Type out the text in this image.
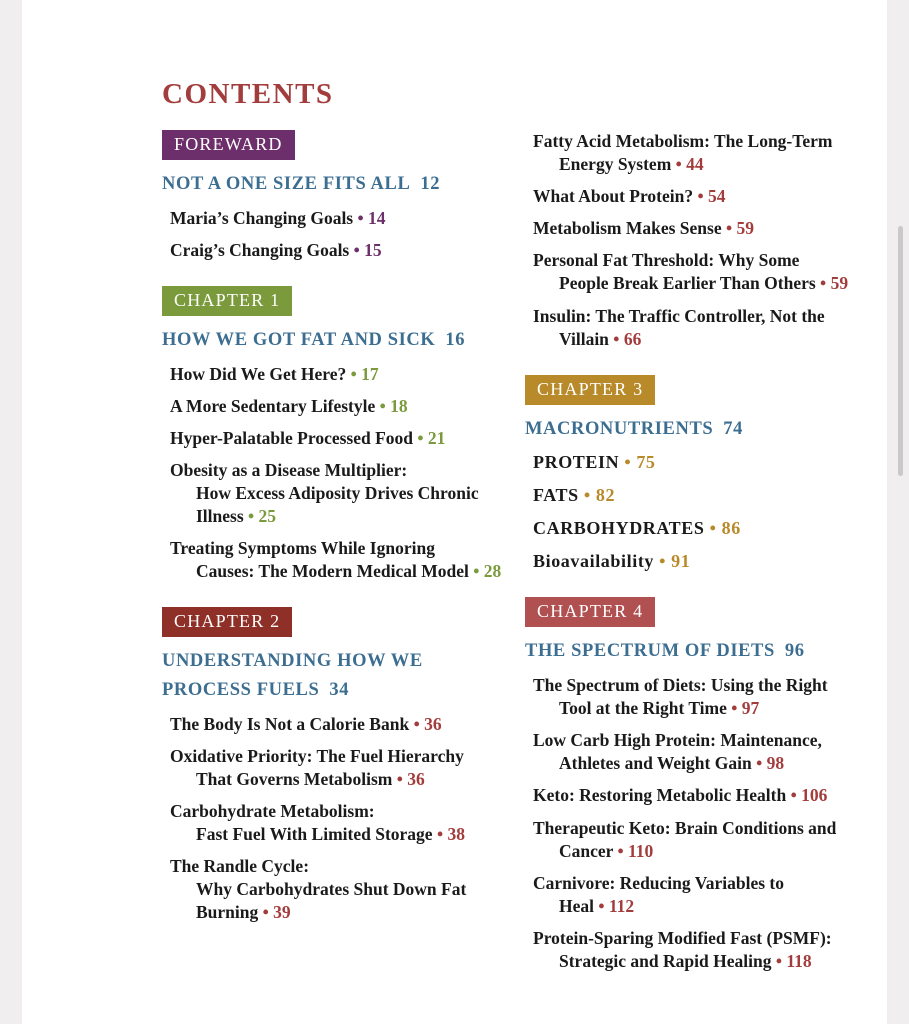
CONTENTS
FOREWARD
NOT A ONE SIZE FITS ALL 12
Maria’s Changing Goals • 14
Craig’s Changing Goals • 15
CHAPTER 1
HOW WE GOT FAT AND SICK 16
How Did We Get Here? • 17
A More Sedentary Lifestyle • 18
Hyper-Palatable Processed Food • 21
Obesity as a Disease Multiplier:
How Excess Adiposity Drives Chronic Illness • 25
Treating Symptoms While Ignoring
Causes: The Modern Medical Model • 28
CHAPTER 2
UNDERSTANDING HOW WE PROCESS FUELS 34
The Body Is Not a Calorie Bank • 36
Oxidative Priority: The Fuel Hierarchy
That Governs Metabolism • 36
Carbohydrate Metabolism:
Fast Fuel With Limited Storage • 38
The Randle Cycle:
Why Carbohydrates Shut Down Fat Burning • 39
Fatty Acid Metabolism: The Long-Term
Energy System • 44
What About Protein? • 54
Metabolism Makes Sense • 59
Personal Fat Threshold: Why Some
People Break Earlier Than Others • 59
Insulin: The Traffic Controller, Not the
Villain • 66
CHAPTER 3
MACRONUTRIENTS 74
PROTEIN • 75
FATS • 82
CARBOHYDRATES • 86
Bioavailability • 91
CHAPTER 4
THE SPECTRUM OF DIETS 96
The Spectrum of Diets: Using the Right
Tool at the Right Time • 97
Low Carb High Protein: Maintenance,
Athletes and Weight Gain • 98
Keto: Restoring Metabolic Health • 106
Therapeutic Keto: Brain Conditions and
Cancer • 110
Carnivore: Reducing Variables to
Heal • 112
Protein-Sparing Modified Fast (PSMF):
Strategic and Rapid Healing • 118
